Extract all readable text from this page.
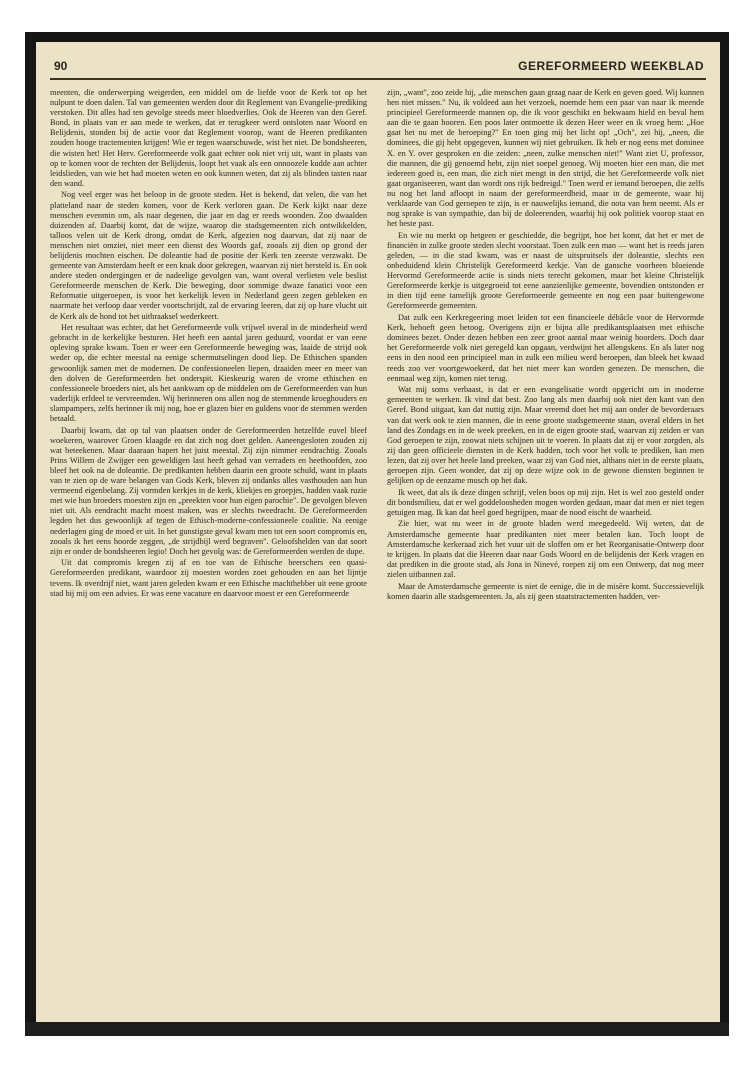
90	GEREFORMEERD WEEKBLAD

meenten, die onderwerping weigerden, een middel om de liefde voor de Kerk tot op het nulpunt te doen dalen. Tal van gemeenten werden door dit Reglement van Evangelie-prediking verstoken. Dit alles had ten gevolge steeds meer bloedverlies. Ook de Heeren van den Geref. Bond, in plaats van er aan mede te werken, dat er terugkeer werd ontsloten naar Woord en Belijdenis, stonden bij de actie voor dat Reglement voorop, want de Heeren predikanten zouden hooge tractementen krijgen! Wie er tegen waarschuwde, wist het niet. De bondsheeren, die wisten het! Het Herv. Gereformeerde volk gaat echter ook niet vrij uit, want in plaats van op te komen voor de rechten der Belijdenis, loopt het vaak als een onnoozele kudde aan achter leidslieden, van wie het had moeten weten en ook kunnen weten, dat zij als blinden tasten naar den wand.

Nog veel erger was het beloop in de groote steden. Het is bekend, dat velen, die van het platteland naar de steden komen, voor de Kerk verloren gaan. De Kerk kijkt naar deze menschen evenmin om, als naar degenen, die jaar en dag er reeds woonden. Zoo dwaalden duizenden af. Daarbij komt, dat de wijze, waarop die stadsgemeenten zich ontwikkelden, talloos velen uit de Kerk drong, omdat de Kerk, afgezien nog daarvan, dat zij naar de menschen niet omziet, niet meer een dienst des Woords gaf, zooals zij dien op grond der belijdenis mochten eischen. De doleantie had de positie der Kerk ten zeerste verzwakt. De gemeente van Amsterdam heeft er een knak door gekregen, waarvan zij niet hersteld is. En ook andere steden ondergingen er de nadeelige gevolgen van, want overal verlieten vele beslist Gereformeerde menschen de Kerk. Die beweging, door sommige dwaze fanatici voor een Reformatie uitgeroepen, is voor het kerkelijk leven in Nederland geen zegen gebleken en naarmate het verloop daar verder voortschrijdt, zal de ervaring leeren, dat zij op hare vlucht uit de Kerk als de hond tot het uitbraaksel wederkeert.

Het resultaat was echter, dat het Gereformeerde volk vrijwel overal in de minderheid werd gebracht in de kerkelijke besturen. Het heeft een aantal jaren geduurd, voordat er van eene opleving sprake kwam. Toen er weer een Gereformeerde beweging was, laaide de strijd ook weder op, die echter meestal na eenige schermutselingen dood liep. De Ethischen spanden gewoonlijk samen met de modernen. De confessioneelen liepen, draaiden meer en meer van den dolven de Gereformeerden het onderspit. Kieskeurig waren de vrome ethischen en confessioneele broeders niet, als het aankwam op de middelen om de Gereformeerden van hun vaderlijk erfdeel te vervreemden. Wij herinneren ons allen nog de stemmende kroeghouders en slampampers, zelfs herinner ik mij nog, hoe er glazen bier en guldens voor de stemmen werden betaald.

Daarbij kwam, dat op tal van plaatsen onder de Gereformeerden hetzelfde euvel bleef woekeren, waarover Groen klaagde en dat zich nog doet gelden. Aaneengesloten zouden zij wat beteekenen. Maar daaraan hapert het juist meestal. Zij zijn nimmer eendrachtig. Zooals Prins Willem de Zwijger een geweldigen last heeft gehad van verraders en heethoofden, zoo bleef het ook na de doleantie. De predikanten hebben daarin een groote schuld, want in plaats van te zien op de ware belangen van Gods Kerk, bleven zij ondanks alles vasthouden aan hun vermeend eigenbelang. Zij vormden kerkjes in de kerk, kliekjes en groepjes, hadden vaak ruzie met wie hun broeders moesten zijn en „preekten voor hun eigen parochie". De gevolgen bleven niet uit. Als eendracht macht moest maken, was er slechts tweedracht. De Gereformeerden legden het dus gewoonlijk af tegen de Ethisch-moderne-confessioneele coalitie. Na eenige nederlagen ging de moed er uit. In het gunstigste geval kwam men tot een soort compromis en, zooals ik het eens hoorde zeggen, „de strijdbijl werd begraven". Geloofshelden van dat soort zijn er onder de bondsheeren legio! Doch het gevolg was: de Gereformeerden werden de dupe.

Uit dat compromis kregen zij af en toe van de Ethische heerschers een quasi-Gereformeerden predikant, waardoor zij moesten worden zoet gehouden en aan het lijntje tevens. Ik overdrijf niet, want jaren geleden kwam er een Ethische machthebber uit eene groote stad bij mij om een advies. Er was eene vacature en daarvoor moest er een Gereformeerde

zijn, „want", zoo zeide hij, „die menschen gaan graag naar de Kerk en geven goed. Wij kunnen hen niet missen." Nu, ik voldeed aan het verzoek, noemde hem een paar van naar ik meende principieel Gereformeerde mannen op, die ik voor geschikt en bekwaam hield en beval hem aan die te gaan hooren. Een poos later ontmoette ik dezen Heer weer en ik vroeg hem: „Hoe gaat het nu met de beroeping?" En toen ging mij het licht op! „Och", zei hij, „neen, die dominees, die gij hebt opgegeven, kunnen wij niet gebruiken. Ik heb er nog eens met dominee X. en Y. over gesproken en die zeiden: „neen, zulke menschen niet!" Want ziet U, professor, die mannen, die gij genoemd hebt, zijn niet soepel genoeg. Wij moeten hier een man, die met iedereen goed is, een man, die zich niet mengt in den strijd, die het Gereformeerde volk niet gaat organiseeren, want dan wordt ons rijk bedreigd." Toen werd er iemand beroepen, die zelfs nu nog het land afloopt in naam der gereformeerdheid, maar in de gemeente, waar hij verklaarde van God geroepen te zijn, is er nauwelijks iemand, die nota van hem neemt. Als er nog sprake is van sympathie, dan bij de doleerenden, waarbij hij ook politiek voorop staat en het beste past.

En wie nu merkt op hetgeen er geschiedde, die begrijpt, hoe het komt, dat het er met de financiën in zulke groote steden slecht voorstaat. Toen zulk een man — want het is reeds jaren geleden, — in die stad kwam, was er naast de uitspruitsels der doleantie, slechts een onbeduidend klein Christelijk Gereformeerd kerkje. Van de gansche voorheen bloeiende Hervormd Gereformeerde actie is sinds niets terecht gekomen, maar het kleine Christelijk Gereformeerde kerkje is uitgegroeid tot eene aanzienlijke gemeente, bovendien ontstonden er in dien tijd eene tamelijk groote Gereformeerde gemeente en nog een paar buitengewone Gereformeerde gemeenten.

Dat zulk een Kerkregeering moet leiden tot een financieele débâcle voor de Hervormde Kerk, behoeft geen betoog. Overigens zijn er bijna alle predikantsplaatsen met ethische dominees bezet. Onder dezen hebben een zeer groot aantal maar weinig hoorders. Doch daar het Gereformeerde volk niet geregeld kan opgaan, verdwijnt het allengskens. En als later nog eens in den nood een principieel man in zulk een milieu werd beroepen, dan bleek het kwaad reeds zoo ver voortgewoekerd, dat het niet meer kan worden genezen. De menschen, die eenmaal weg zijn, komen niet terug.

Wat mij soms verbaast, is dat er een evangelisatie wordt opgericht om in moderne gemeenten te werken. Ik vind dat best. Zoo lang als men daarbij ook niet den kant van den Geref. Bond uitgaat, kan dat nuttig zijn. Maar vreemd doet het mij aan onder de bevorderaars van dat werk ook te zien mannen, die in eene groote stadsgemeente staan, overal elders in het land des Zondags en in de week preeken, en in de eigen groote stad, waarvan zij zeiden er van God geroepen te zijn, zoowat niets schijnen uit te voeren. In plaats dat zij er voor zorgden, als zij dan geen officieele diensten in de Kerk hadden, toch voor het volk te prediken, kan men lezen, dat zij over het heele land preeken, waar zij van God niet, althans niet in de eerste plaats, geroepen zijn. Geen wonder, dat zij op deze wijze ook in de gewone diensten beginnen te gelijken op de eenzame musch op het dak.

Ik weet, dat als ik deze dingen schrijf, velen boos op mij zijn. Het is wel zoo gesteld onder dit bondsmilieu, dat er wel goddeloosheden mogen worden gedaan, maar dat men er niet tegen getuigen mag. Ik kan dat heel goed begrijpen, maar de nood eischt de waarheid.

Zie hier, wat nu weer in de groote bladen werd meegedeeld. Wij weten, dat de Amsterdamsche gemeente haar predikanten niet meer betalen kan. Toch loopt de Amsterdamsche kerkeraad zich het vuur uit de sloffen om er het Reorganisatie-Ontwerp door te krijgen. In plaats dat die Heeren daar naar Gods Woord en de belijdenis der Kerk vragen en dat prediken in die groote stad, als Jona in Ninevé, roepen zij om een Ontwerp, dat nog meer zielen uitbannen zal.

Maar de Amsterdamsche gemeente is niet de eenige, die in de misère komt. Successievelijk komen daarin alle stadsgemeenten. Ja, als zij geen staatstractementen hadden, ver-
